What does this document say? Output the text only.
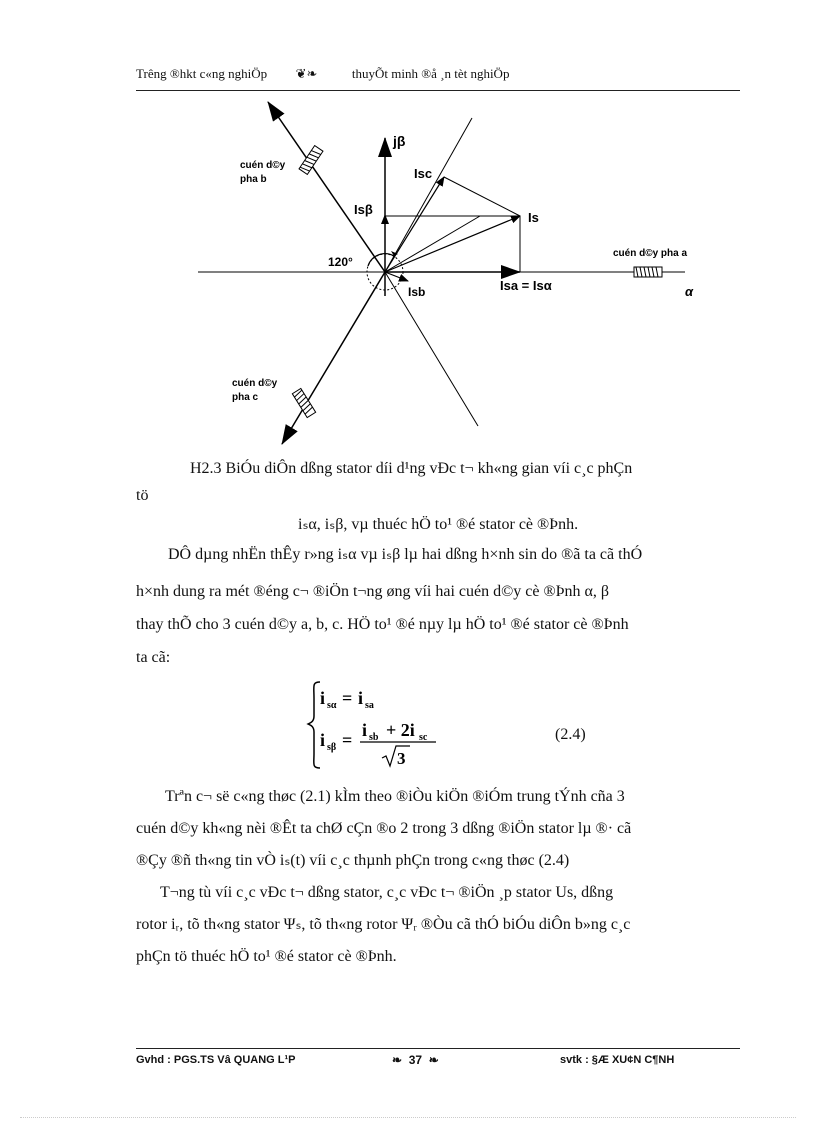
Trêng ®hkt c«ng nghiÖp ❦❧	thuyÕt minh ®å ¸n tèt nghiÖp
jβ
Isc
Is
Isβ
120°
Isb	Isa = Isα	α
cuén d©y pha a
cuén d©y
pha b
cuén d©y
pha c
H2.3 BiÓu diÔn dßng stator díi d¹ng vÐc t¬ kh«ng gian víi c¸c phÇn
tö
iₛα, iₛβ, vµ thuéc hÖ to¹ ®é stator cè ®Þnh.
DÔ dµng nhËn thÊy r»ng iₛα vµ iₛβ lµ hai dßng h×nh sin do ®ã ta cã thÓ
h×nh dung ra mét ®éng c¬ ®iÖn t¬ng øng víi hai cuén d©y cè ®Þnh α, β
thay thÕ cho 3 cuén d©y a, b, c. HÖ to¹ ®é nµy lµ hÖ to¹ ®é stator cè ®Þnh
ta cã:
i sα = i sa
i sβ = i sb + 2i sc
3
(2.4)
Trªn c¬ së c«ng thøc (2.1) kÌm theo ®iÒu kiÖn ®iÓm trung tÝnh cña 3
cuén d©y kh«ng nèi ®Êt ta chØ cÇn ®o 2 trong 3 dßng ®iÖn stator lµ ®· cã
®Çy ®ñ th«ng tin vÒ iₛ(t) víi c¸c thµnh phÇn trong c«ng thøc (2.4)
T¬ng tù víi c¸c vÐc t¬ dßng stator, c¸c vÐc t¬ ®iÖn ¸p stator Us, dßng
rotor iᵣ, tõ th«ng stator Ψₛ, tõ th«ng rotor Ψᵣ ®Òu cã thÓ biÓu diÔn b»ng c¸c
phÇn tö thuéc hÖ to¹ ®é stator cè ®Þnh.
Gvhd : PGS.TS Vâ QUANG L¹P	❧ 37 ❧	svtk : §Æ XU¢N C¶NH
